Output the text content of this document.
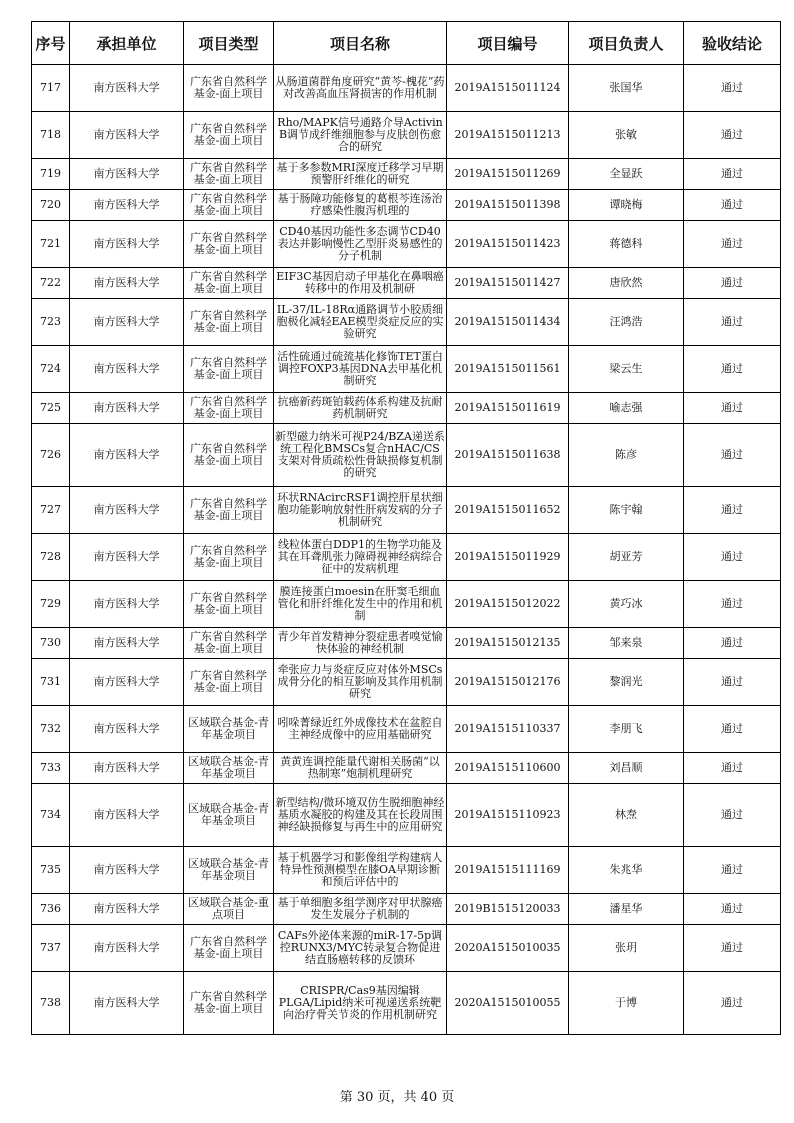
序号	承担单位	项目类型	项目名称	项目编号	项目负责人	验收结论
717	南方医科大学	广东省自然科学基金-面上项目	从肠道菌群角度研究“黄芩-槐花”药对改善高血压肾损害的作用机制	2019A1515011124	张国华	通过
718	南方医科大学	广东省自然科学基金-面上项目	Rho/MAPK信号通路介导Activin B调节成纤维细胞参与皮肤创伤愈合的研究	2019A1515011213	张敏	通过
719	南方医科大学	广东省自然科学基金-面上项目	基于多参数MRI深度迁移学习早期预警肝纤维化的研究	2019A1515011269	全显跃	通过
720	南方医科大学	广东省自然科学基金-面上项目	基于肠障功能修复的葛根芩连汤治疗感染性腹泻机理的	2019A1515011398	谭晓梅	通过
721	南方医科大学	广东省自然科学基金-面上项目	CD40基因功能性多态调节CD40表达并影响慢性乙型肝炎易感性的分子机制	2019A1515011423	蒋德科	通过
722	南方医科大学	广东省自然科学基金-面上项目	EIF3C基因启动子甲基化在鼻咽癌转移中的作用及机制研	2019A1515011427	唐欣然	通过
723	南方医科大学	广东省自然科学基金-面上项目	IL-37/IL-18Rα通路调节小胶质细胞极化减轻EAE模型炎症反应的实验研究	2019A1515011434	汪鸿浩	通过
724	南方医科大学	广东省自然科学基金-面上项目	活性硫通过硫巯基化修饰TET蛋白调控FOXP3基因DNA去甲基化机制研究	2019A1515011561	梁云生	通过
725	南方医科大学	广东省自然科学基金-面上项目	抗癌新药斑铂载药体系构建及抗耐药机制研究	2019A1515011619	喻志强	通过
726	南方医科大学	广东省自然科学基金-面上项目	新型磁力纳米可视P24/BZA递送系统工程化BMSCs复合nHAC/CS支架对骨质疏松性骨缺损修复机制的研究	2019A1515011638	陈彦	通过
727	南方医科大学	广东省自然科学基金-面上项目	环状RNAcircRSF1调控肝星状细胞功能影响放射性肝病发病的分子机制研究	2019A1515011652	陈宇翰	通过
728	南方医科大学	广东省自然科学基金-面上项目	线粒体蛋白DDP1的生物学功能及其在耳聋肌张力障碍视神经病综合征中的发病机理	2019A1515011929	胡亚芳	通过
729	南方医科大学	广东省自然科学基金-面上项目	膜连接蛋白moesin在肝窦毛细血管化和肝纤维化发生中的作用和机制	2019A1515012022	黄巧冰	通过
730	南方医科大学	广东省自然科学基金-面上项目	青少年首发精神分裂症患者嗅觉愉快体验的神经机制	2019A1515012135	邹来泉	通过
731	南方医科大学	广东省自然科学基金-面上项目	牵张应力与炎症反应对体外MSCs成骨分化的相互影响及其作用机制研究	2019A1515012176	黎润光	通过
732	南方医科大学	区域联合基金-青年基金项目	吲哚菁绿近红外成像技术在盆腔自主神经成像中的应用基础研究	2019A1515110337	李朋飞	通过
733	南方医科大学	区域联合基金-青年基金项目	黄黄连调控能量代谢相关肠菌“以热制寒”炮制机理研究	2019A1515110600	刘昌顺	通过
734	南方医科大学	区域联合基金-青年基金项目	新型结构/微环境双仿生脱细胞神经基质水凝胶的构建及其在长段周围神经缺损修复与再生中的应用研究	2019A1515110923	林焘	通过
735	南方医科大学	区域联合基金-青年基金项目	基于机器学习和影像组学构建病人特异性预测模型在膝OA早期诊断和预后评估中的	2019A1515111169	朱兆华	通过
736	南方医科大学	区域联合基金-重点项目	基于单细胞多组学测序对甲状腺癌发生发展分子机制的	2019B1515120033	潘星华	通过
737	南方医科大学	广东省自然科学基金-面上项目	CAFs外泌体来源的miR-17-5p调控RUNX3/MYC转录复合物促进结直肠癌转移的反馈环	2020A1515010035	张玥	通过
738	南方医科大学	广东省自然科学基金-面上项目	CRISPR/Cas9基因编辑PLGA/Lipid纳米可视递送系统靶向治疗骨关节炎的作用机制研究	2020A1515010055	于博	通过
第 30 页，共 40 页
